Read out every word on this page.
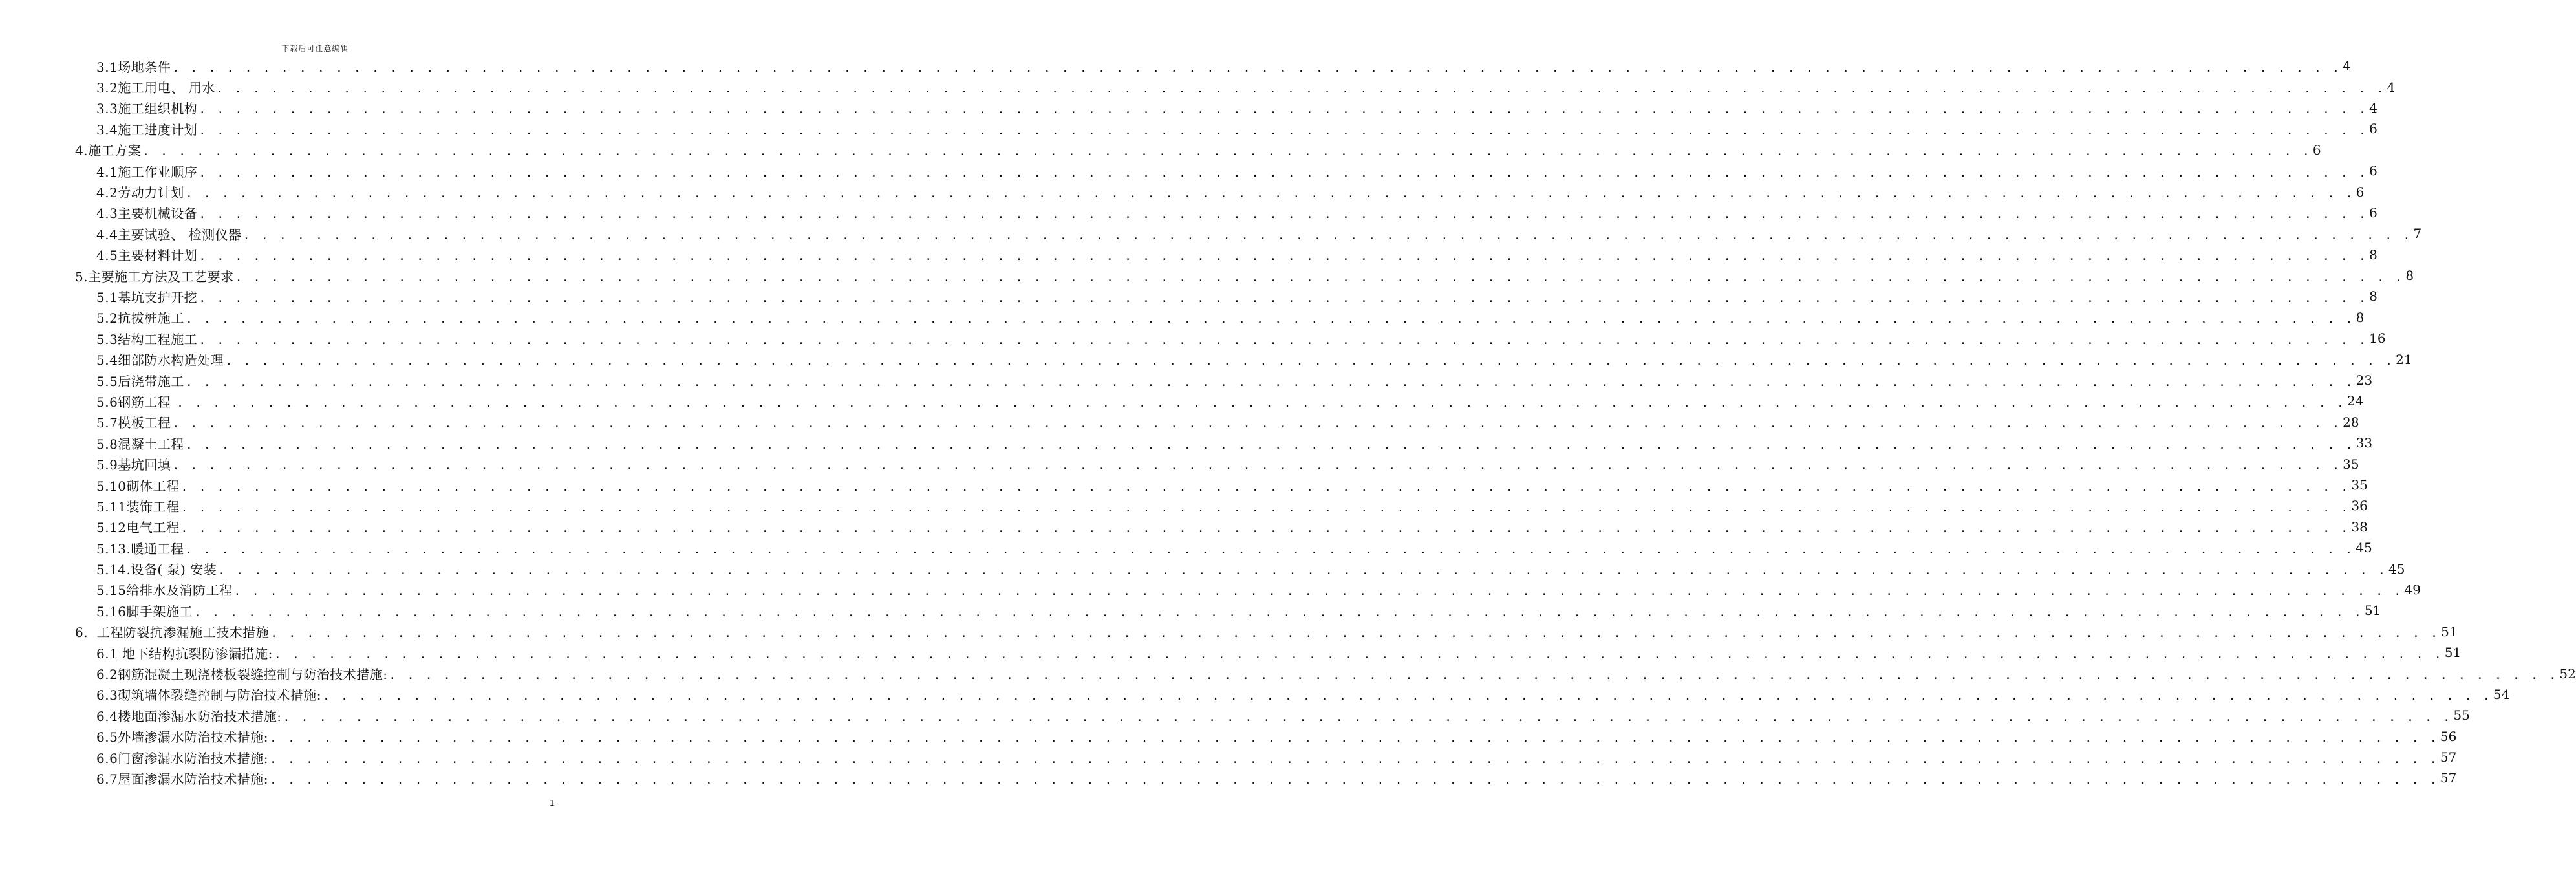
下载后可任意编辑
3.1场地条件 . . . . . . . . . . . . . . . . . . . . . . . . . . . . . . . . . . . . . . . . . . . . . . . . . . . . . . . . . . . . . . . . . . . . . . . . . . . . . . . . . . . . . . . . . . . . . . . . . . . . . . . . . . . . . . . . . . . . . . . . 4
3.2施工用电、 用水 . . . . . . . . . . . . . . . . . . . . . . . . . . . . . . . . . . . . . . . . . . . . . . . . . . . . . . . . . . . . . . . . . . . . . . . . . . . . . . . . . . . . . . . . . . . . . . . . . . . . . . . . . . . . . . . . . . . . . . . . 4
3.3施工组织机构 . . . . . . . . . . . . . . . . . . . . . . . . . . . . . . . . . . . . . . . . . . . . . . . . . . . . . . . . . . . . . . . . . . . . . . . . . . . . . . . . . . . . . . . . . . . . . . . . . . . . . . . . . . . . . . . . . . . . . . . . 4
3.4施工进度计划 . . . . . . . . . . . . . . . . . . . . . . . . . . . . . . . . . . . . . . . . . . . . . . . . . . . . . . . . . . . . . . . . . . . . . . . . . . . . . . . . . . . . . . . . . . . . . . . . . . . . . . . . . . . . . . . . . . . . . . . . 6
4.施工方案 . . . . . . . . . . . . . . . . . . . . . . . . . . . . . . . . . . . . . . . . . . . . . . . . . . . . . . . . . . . . . . . . . . . . . . . . . . . . . . . . . . . . . . . . . . . . . . . . . . . . . . . . . . . . . . . . . . . . . . . . 6
4.1施工作业顺序 . . . . . . . . . . . . . . . . . . . . . . . . . . . . . . . . . . . . . . . . . . . . . . . . . . . . . . . . . . . . . . . . . . . . . . . . . . . . . . . . . . . . . . . . . . . . . . . . . . . . . . . . . . . . . . . . . . . . . . . . 6
4.2劳动力计划 . . . . . . . . . . . . . . . . . . . . . . . . . . . . . . . . . . . . . . . . . . . . . . . . . . . . . . . . . . . . . . . . . . . . . . . . . . . . . . . . . . . . . . . . . . . . . . . . . . . . . . . . . . . . . . . . . . . . . . . . 6
4.3主要机械设备 . . . . . . . . . . . . . . . . . . . . . . . . . . . . . . . . . . . . . . . . . . . . . . . . . . . . . . . . . . . . . . . . . . . . . . . . . . . . . . . . . . . . . . . . . . . . . . . . . . . . . . . . . . . . . . . . . . . . . . . . 6
4.4主要试验、 检测仪器 . . . . . . . . . . . . . . . . . . . . . . . . . . . . . . . . . . . . . . . . . . . . . . . . . . . . . . . . . . . . . . . . . . . . . . . . . . . . . . . . . . . . . . . . . . . . . . . . . . . . . . . . . . . . . . . . . . . . . . . . 7
4.5主要材料计划 . . . . . . . . . . . . . . . . . . . . . . . . . . . . . . . . . . . . . . . . . . . . . . . . . . . . . . . . . . . . . . . . . . . . . . . . . . . . . . . . . . . . . . . . . . . . . . . . . . . . . . . . . . . . . . . . . . . . . . . . 8
5.主要施工方法及工艺要求 . . . . . . . . . . . . . . . . . . . . . . . . . . . . . . . . . . . . . . . . . . . . . . . . . . . . . . . . . . . . . . . . . . . . . . . . . . . . . . . . . . . . . . . . . . . . . . . . . . . . . . . . . . . . . . . . . . . . . . . . 8
5.1基坑支护开挖 . . . . . . . . . . . . . . . . . . . . . . . . . . . . . . . . . . . . . . . . . . . . . . . . . . . . . . . . . . . . . . . . . . . . . . . . . . . . . . . . . . . . . . . . . . . . . . . . . . . . . . . . . . . . . . . . . . . . . . . . 8
5.2抗拔桩施工 . . . . . . . . . . . . . . . . . . . . . . . . . . . . . . . . . . . . . . . . . . . . . . . . . . . . . . . . . . . . . . . . . . . . . . . . . . . . . . . . . . . . . . . . . . . . . . . . . . . . . . . . . . . . . . . . . . . . . . . . 8
5.3结构工程施工 . . . . . . . . . . . . . . . . . . . . . . . . . . . . . . . . . . . . . . . . . . . . . . . . . . . . . . . . . . . . . . . . . . . . . . . . . . . . . . . . . . . . . . . . . . . . . . . . . . . . . . . . . . . . . . . . . . . . . . . . 16
5.4细部防水构造处理 . . . . . . . . . . . . . . . . . . . . . . . . . . . . . . . . . . . . . . . . . . . . . . . . . . . . . . . . . . . . . . . . . . . . . . . . . . . . . . . . . . . . . . . . . . . . . . . . . . . . . . . . . . . . . . . . . . . . . . . . 21
5.5后浇带施工 . . . . . . . . . . . . . . . . . . . . . . . . . . . . . . . . . . . . . . . . . . . . . . . . . . . . . . . . . . . . . . . . . . . . . . . . . . . . . . . . . . . . . . . . . . . . . . . . . . . . . . . . . . . . . . . . . . . . . . . . 23
5.6钢筋工程 . . . . . . . . . . . . . . . . . . . . . . . . . . . . . . . . . . . . . . . . . . . . . . . . . . . . . . . . . . . . . . . . . . . . . . . . . . . . . . . . . . . . . . . . . . . . . . . . . . . . . . . . . . . . . . . . . . . . . . . . 24
5.7模板工程 . . . . . . . . . . . . . . . . . . . . . . . . . . . . . . . . . . . . . . . . . . . . . . . . . . . . . . . . . . . . . . . . . . . . . . . . . . . . . . . . . . . . . . . . . . . . . . . . . . . . . . . . . . . . . . . . . . . . . . . . 28
5.8混凝土工程 . . . . . . . . . . . . . . . . . . . . . . . . . . . . . . . . . . . . . . . . . . . . . . . . . . . . . . . . . . . . . . . . . . . . . . . . . . . . . . . . . . . . . . . . . . . . . . . . . . . . . . . . . . . . . . . . . . . . . . . . 33
5.9基坑回填 . . . . . . . . . . . . . . . . . . . . . . . . . . . . . . . . . . . . . . . . . . . . . . . . . . . . . . . . . . . . . . . . . . . . . . . . . . . . . . . . . . . . . . . . . . . . . . . . . . . . . . . . . . . . . . . . . . . . . . . . 35
5.10砌体工程 . . . . . . . . . . . . . . . . . . . . . . . . . . . . . . . . . . . . . . . . . . . . . . . . . . . . . . . . . . . . . . . . . . . . . . . . . . . . . . . . . . . . . . . . . . . . . . . . . . . . . . . . . . . . . . . . . . . . . . . . 35
5.11装饰工程 . . . . . . . . . . . . . . . . . . . . . . . . . . . . . . . . . . . . . . . . . . . . . . . . . . . . . . . . . . . . . . . . . . . . . . . . . . . . . . . . . . . . . . . . . . . . . . . . . . . . . . . . . . . . . . . . . . . . . . . . 36
5.12电气工程 . . . . . . . . . . . . . . . . . . . . . . . . . . . . . . . . . . . . . . . . . . . . . . . . . . . . . . . . . . . . . . . . . . . . . . . . . . . . . . . . . . . . . . . . . . . . . . . . . . . . . . . . . . . . . . . . . . . . . . . . 38
5.13.暖通工程 . . . . . . . . . . . . . . . . . . . . . . . . . . . . . . . . . . . . . . . . . . . . . . . . . . . . . . . . . . . . . . . . . . . . . . . . . . . . . . . . . . . . . . . . . . . . . . . . . . . . . . . . . . . . . . . . . . . . . . . . 45
5.14.设备( 泵) 安装 . . . . . . . . . . . . . . . . . . . . . . . . . . . . . . . . . . . . . . . . . . . . . . . . . . . . . . . . . . . . . . . . . . . . . . . . . . . . . . . . . . . . . . . . . . . . . . . . . . . . . . . . . . . . . . . . . . . . . . . . 45
5.15给排水及消防工程 . . . . . . . . . . . . . . . . . . . . . . . . . . . . . . . . . . . . . . . . . . . . . . . . . . . . . . . . . . . . . . . . . . . . . . . . . . . . . . . . . . . . . . . . . . . . . . . . . . . . . . . . . . . . . . . . . . . . . . . . 49
5.16脚手架施工 . . . . . . . . . . . . . . . . . . . . . . . . . . . . . . . . . . . . . . . . . . . . . . . . . . . . . . . . . . . . . . . . . . . . . . . . . . . . . . . . . . . . . . . . . . . . . . . . . . . . . . . . . . . . . . . . . . . . . . . . 51
6.  工程防裂抗渗漏施工技术措施 . . . . . . . . . . . . . . . . . . . . . . . . . . . . . . . . . . . . . . . . . . . . . . . . . . . . . . . . . . . . . . . . . . . . . . . . . . . . . . . . . . . . . . . . . . . . . . . . . . . . . . . . . . . . . . . . . . . . . . . . 51
6.1 地下结构抗裂防渗漏措施: . . . . . . . . . . . . . . . . . . . . . . . . . . . . . . . . . . . . . . . . . . . . . . . . . . . . . . . . . . . . . . . . . . . . . . . . . . . . . . . . . . . . . . . . . . . . . . . . . . . . . . . . . . . . . . . . . . . . . . . . 51
6.2钢筋混凝土现浇楼板裂缝控制与防治技术措施: . . . . . . . . . . . . . . . . . . . . . . . . . . . . . . . . . . . . . . . . . . . . . . . . . . . . . . . . . . . . . . . . . . . . . . . . . . . . . . . . . . . . . . . . . . . . . . . . . . . . . . . . . . . . . . . . . . . . . . . . 52
6.3砌筑墙体裂缝控制与防治技术措施: . . . . . . . . . . . . . . . . . . . . . . . . . . . . . . . . . . . . . . . . . . . . . . . . . . . . . . . . . . . . . . . . . . . . . . . . . . . . . . . . . . . . . . . . . . . . . . . . . . . . . . . . . . . . . . . . . . . . . . . . 54
6.4楼地面渗漏水防治技术措施: . . . . . . . . . . . . . . . . . . . . . . . . . . . . . . . . . . . . . . . . . . . . . . . . . . . . . . . . . . . . . . . . . . . . . . . . . . . . . . . . . . . . . . . . . . . . . . . . . . . . . . . . . . . . . . . . . . . . . . . . 55
6.5外墙渗漏水防治技术措施: . . . . . . . . . . . . . . . . . . . . . . . . . . . . . . . . . . . . . . . . . . . . . . . . . . . . . . . . . . . . . . . . . . . . . . . . . . . . . . . . . . . . . . . . . . . . . . . . . . . . . . . . . . . . . . . . . . . . . . . . 56
6.6门窗渗漏水防治技术措施: . . . . . . . . . . . . . . . . . . . . . . . . . . . . . . . . . . . . . . . . . . . . . . . . . . . . . . . . . . . . . . . . . . . . . . . . . . . . . . . . . . . . . . . . . . . . . . . . . . . . . . . . . . . . . . . . . . . . . . . . 57
6.7屋面渗漏水防治技术措施: . . . . . . . . . . . . . . . . . . . . . . . . . . . . . . . . . . . . . . . . . . . . . . . . . . . . . . . . . . . . . . . . . . . . . . . . . . . . . . . . . . . . . . . . . . . . . . . . . . . . . . . . . . . . . . . . . . . . . . . . 57
1
